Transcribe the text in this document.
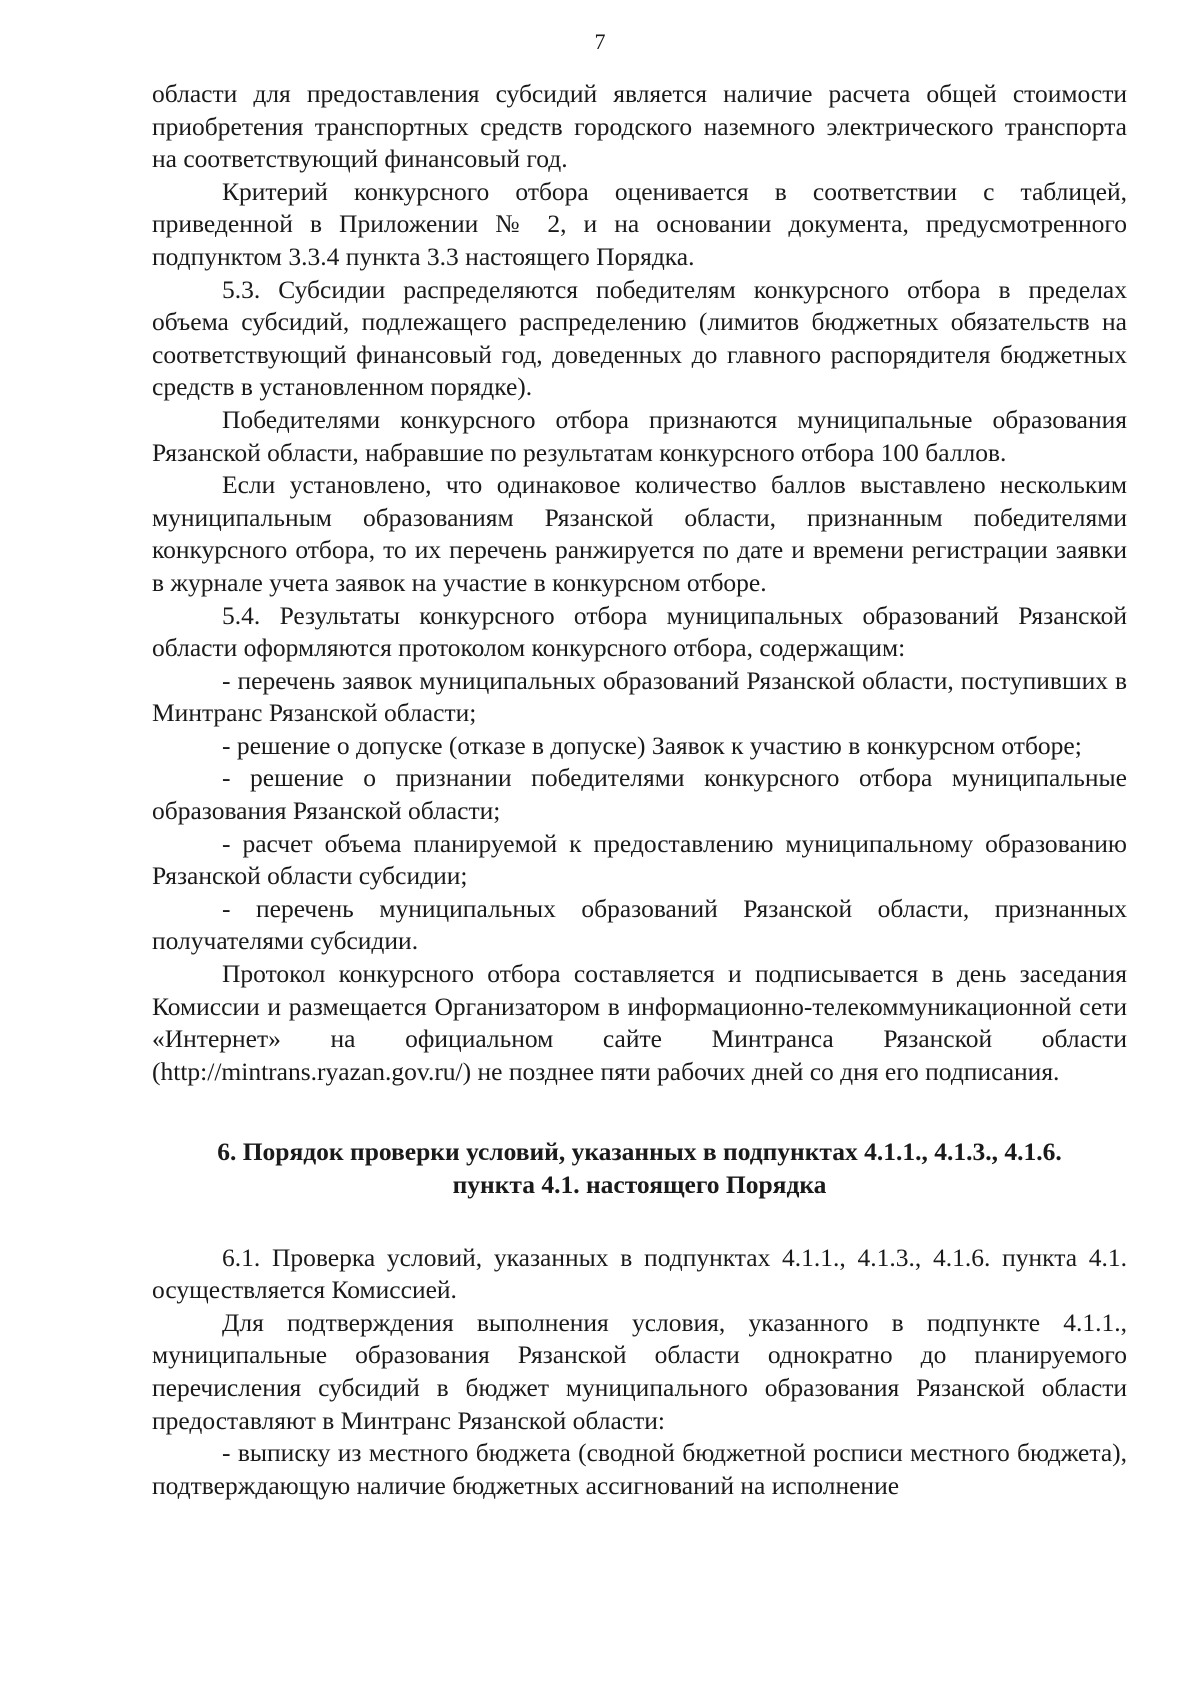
7

области для предоставления субсидий является наличие расчета общей стоимости приобретения транспортных средств городского наземного электрического транспорта на соответствующий финансовый год.

Критерий конкурсного отбора оценивается в соответствии с таблицей, приведенной в Приложении № 2, и на основании документа, предусмотренного подпунктом 3.3.4 пункта 3.3 настоящего Порядка.

5.3. Субсидии распределяются победителям конкурсного отбора в пределах объема субсидий, подлежащего распределению (лимитов бюджетных обязательств на соответствующий финансовый год, доведенных до главного распорядителя бюджетных средств в установленном порядке).

Победителями конкурсного отбора признаются муниципальные образования Рязанской области, набравшие по результатам конкурсного отбора 100 баллов.

Если установлено, что одинаковое количество баллов выставлено нескольким муниципальным образованиям Рязанской области, признанным победителями конкурсного отбора, то их перечень ранжируется по дате и времени регистрации заявки в журнале учета заявок на участие в конкурсном отборе.

5.4. Результаты конкурсного отбора муниципальных образований Рязанской области оформляются протоколом конкурсного отбора, содержащим:

- перечень заявок муниципальных образований Рязанской области, поступивших в Минтранс Рязанской области;

- решение о допуске (отказе в допуске) Заявок к участию в конкурсном отборе;

- решение о признании победителями конкурсного отбора муниципальные образования Рязанской области;

- расчет объема планируемой к предоставлению муниципальному образованию Рязанской области субсидии;

- перечень муниципальных образований Рязанской области, признанных получателями субсидии.

Протокол конкурсного отбора составляется и подписывается в день заседания Комиссии и размещается Организатором в информационно-телекоммуникационной сети «Интернет» на официальном сайте Минтранса Рязанской области (http://mintrans.ryazan.gov.ru/) не позднее пяти рабочих дней со дня его подписания.

6. Порядок проверки условий, указанных в подпунктах 4.1.1., 4.1.3., 4.1.6.
пункта 4.1. настоящего Порядка

6.1. Проверка условий, указанных в подпунктах 4.1.1., 4.1.3., 4.1.6. пункта 4.1. осуществляется Комиссией.

Для подтверждения выполнения условия, указанного в подпункте 4.1.1., муниципальные образования Рязанской области однократно до планируемого перечисления субсидий в бюджет муниципального образования Рязанской области предоставляют в Минтранс Рязанской области:

- выписку из местного бюджета (сводной бюджетной росписи местного бюджета), подтверждающую наличие бюджетных ассигнований на исполнение
